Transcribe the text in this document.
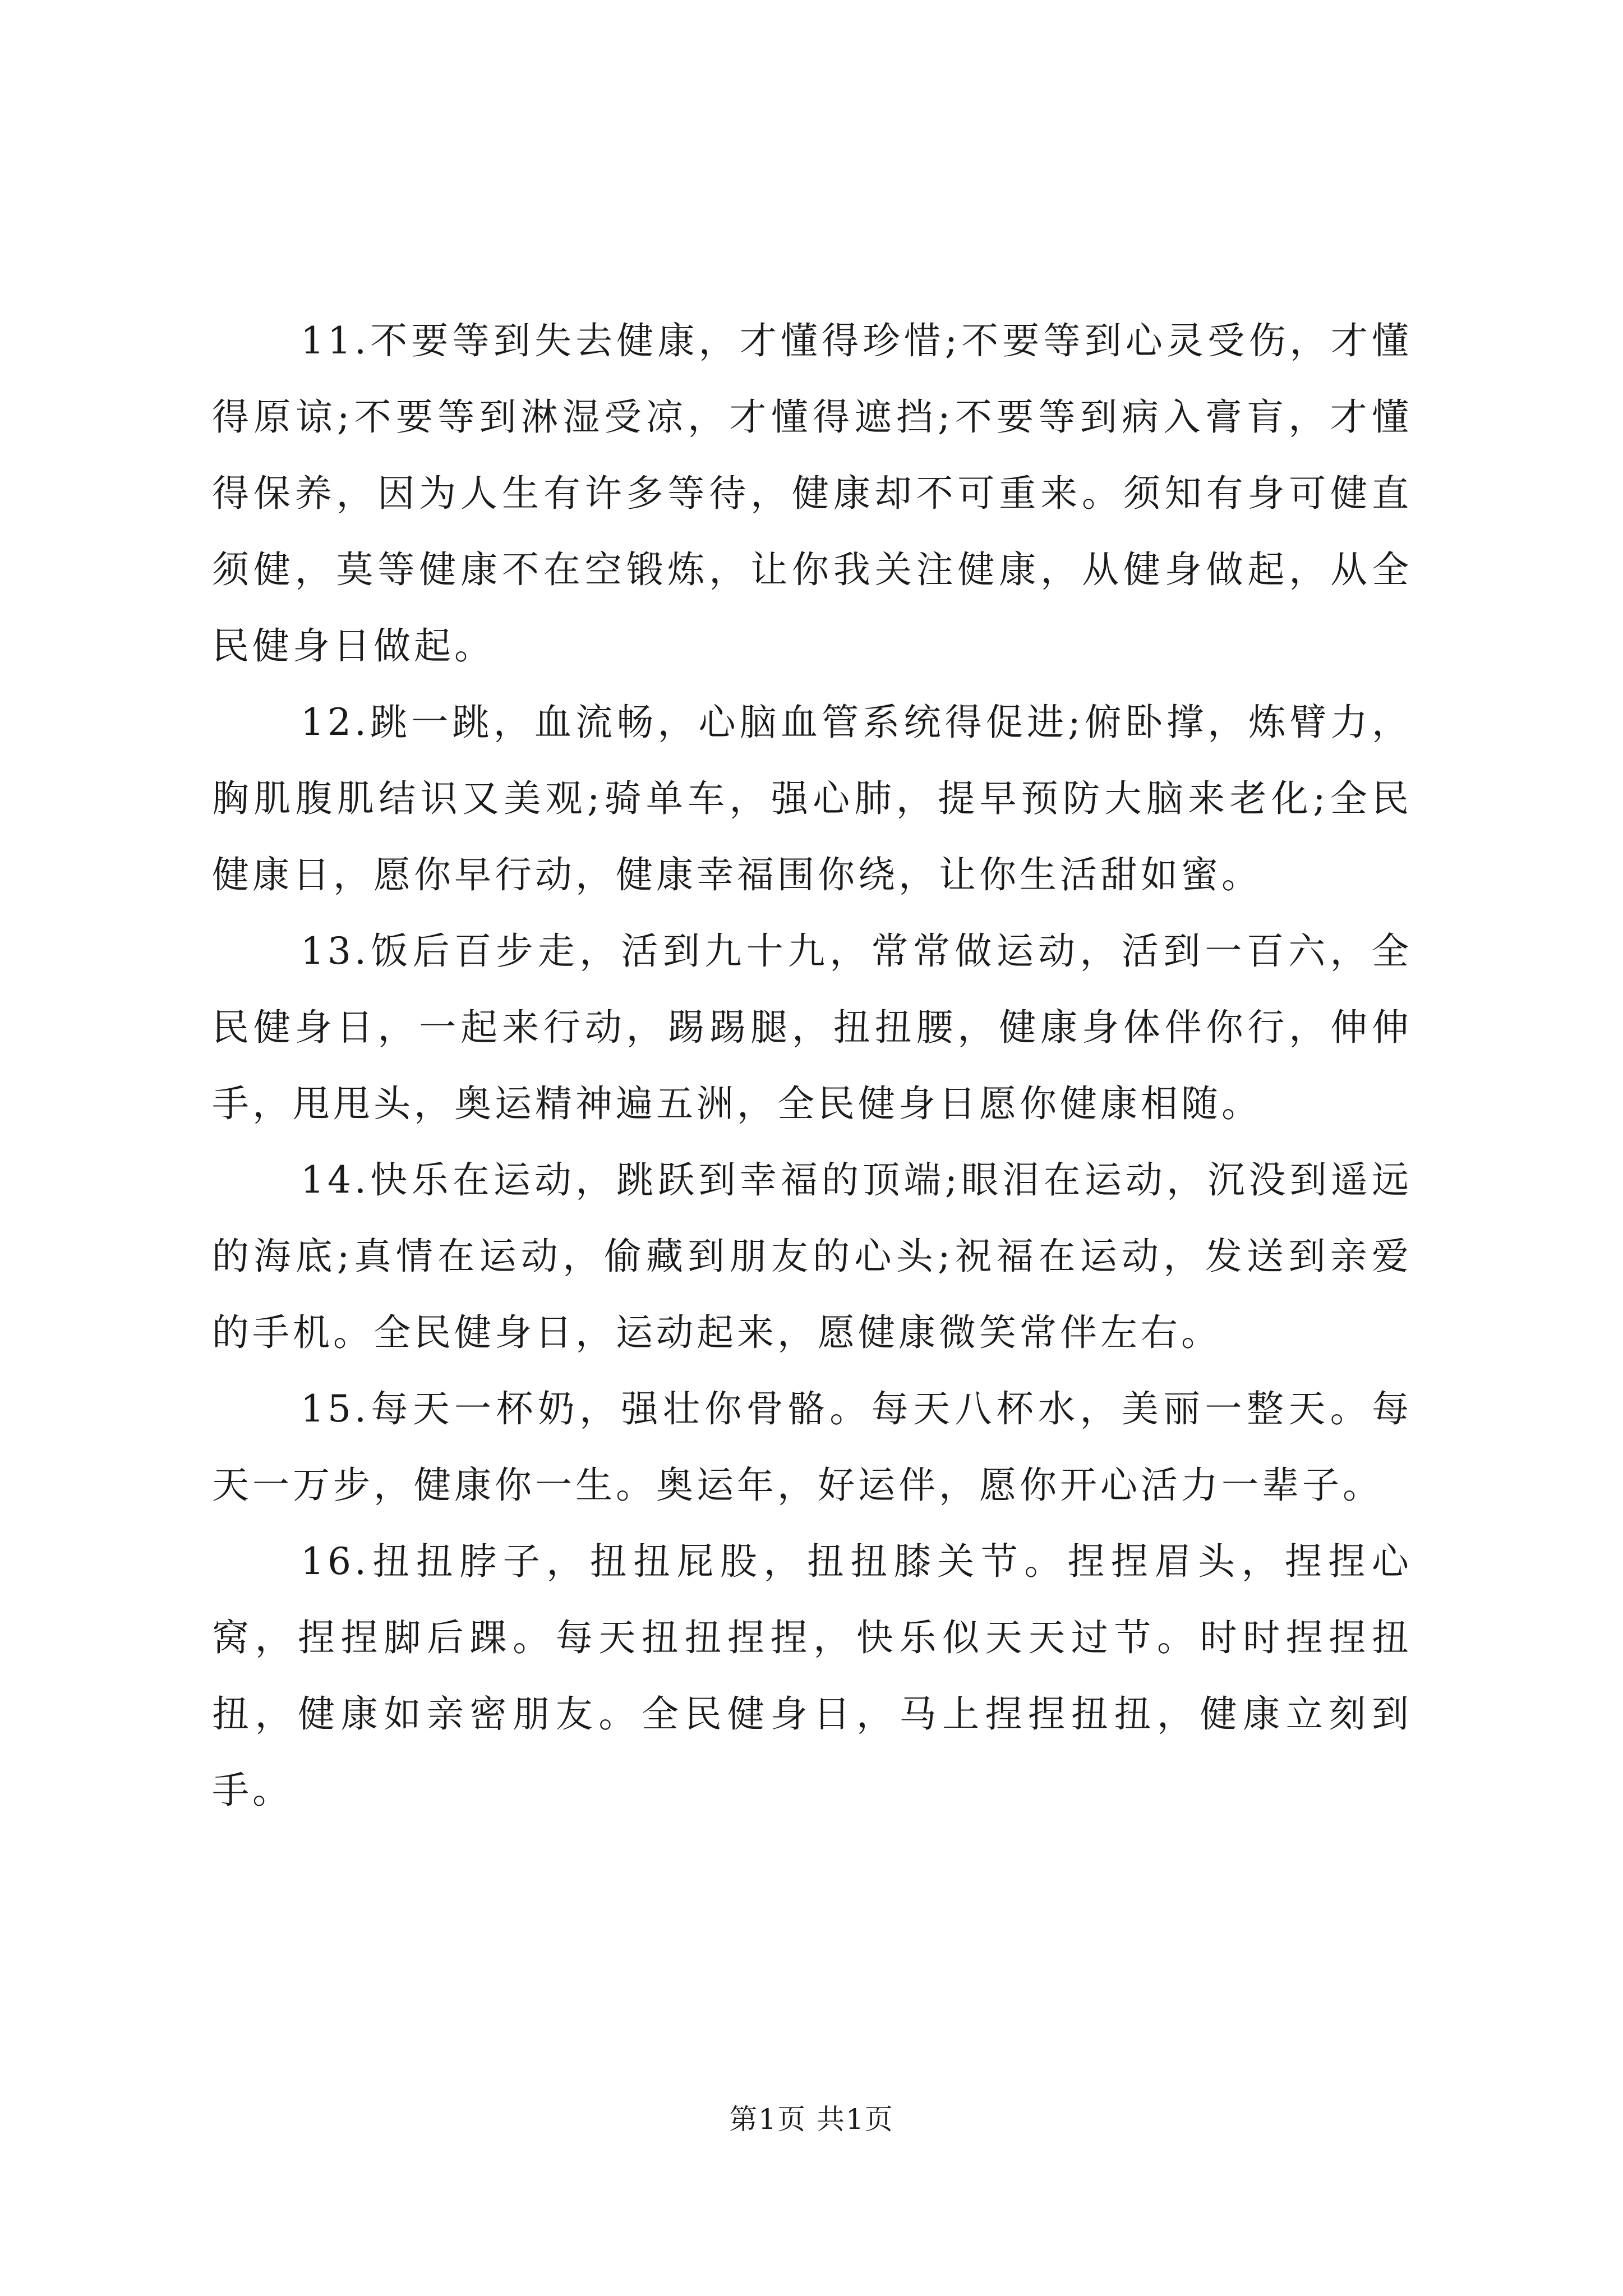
11.不要等到失去健康，才懂得珍惜;不要等到心灵受伤，才懂得原谅;不要等到淋湿受凉，才懂得遮挡;不要等到病入膏肓，才懂得保养，因为人生有许多等待，健康却不可重来。须知有身可健直须健，莫等健康不在空锻炼，让你我关注健康，从健身做起，从全民健身日做起。

12.跳一跳，血流畅，心脑血管系统得促进;俯卧撑，炼臂力，胸肌腹肌结识又美观;骑单车，强心肺，提早预防大脑来老化;全民健康日，愿你早行动，健康幸福围你绕，让你生活甜如蜜。

13.饭后百步走，活到九十九，常常做运动，活到一百六，全民健身日，一起来行动，踢踢腿，扭扭腰，健康身体伴你行，伸伸手，甩甩头，奥运精神遍五洲，全民健身日愿你健康相随。

14.快乐在运动，跳跃到幸福的顶端;眼泪在运动，沉没到遥远的海底;真情在运动，偷藏到朋友的心头;祝福在运动，发送到亲爱的手机。全民健身日，运动起来，愿健康微笑常伴左右。

15.每天一杯奶，强壮你骨骼。每天八杯水，美丽一整天。每天一万步，健康你一生。奥运年，好运伴，愿你开心活力一辈子。

16.扭扭脖子，扭扭屁股，扭扭膝关节。捏捏眉头，捏捏心窝，捏捏脚后踝。每天扭扭捏捏，快乐似天天过节。时时捏捏扭扭，健康如亲密朋友。全民健身日，马上捏捏扭扭，健康立刻到手。

第1页 共1页
